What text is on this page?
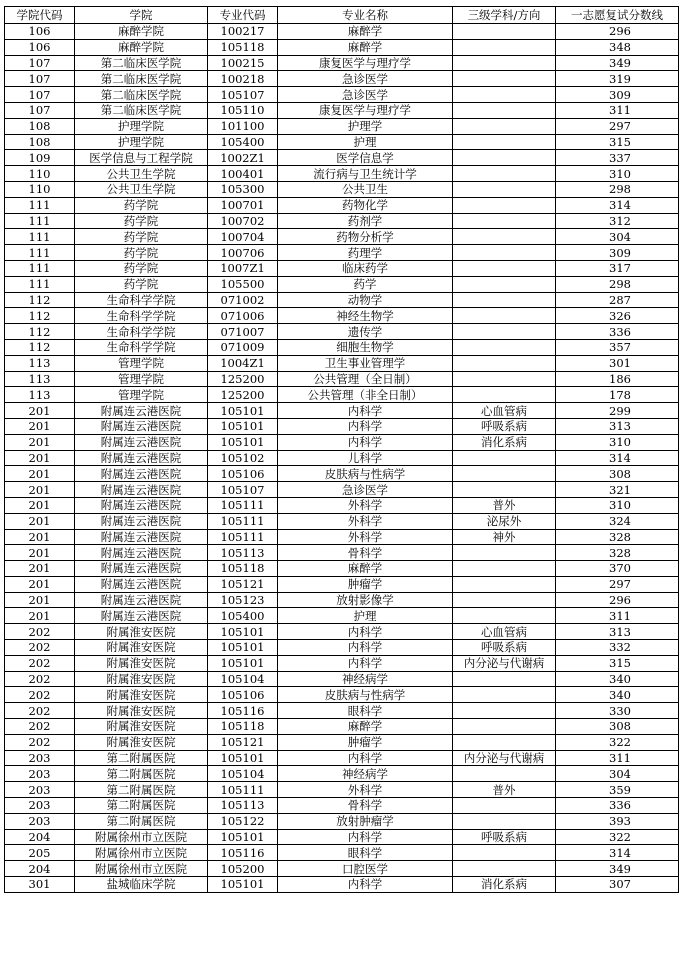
学院代码	学院	专业代码	专业名称	三级学科/方向	一志愿复试分数线
106	麻醉学院	100217	麻醉学		296
106	麻醉学院	105118	麻醉学		348
107	第二临床医学院	100215	康复医学与理疗学		349
107	第二临床医学院	100218	急诊医学		319
107	第二临床医学院	105107	急诊医学		309
107	第二临床医学院	105110	康复医学与理疗学		311
108	护理学院	101100	护理学		297
108	护理学院	105400	护理		315
109	医学信息与工程学院	1002Z1	医学信息学		337
110	公共卫生学院	100401	流行病与卫生统计学		310
110	公共卫生学院	105300	公共卫生		298
111	药学院	100701	药物化学		314
111	药学院	100702	药剂学		312
111	药学院	100704	药物分析学		304
111	药学院	100706	药理学		309
111	药学院	1007Z1	临床药学		317
111	药学院	105500	药学		298
112	生命科学学院	071002	动物学		287
112	生命科学学院	071006	神经生物学		326
112	生命科学学院	071007	遗传学		336
112	生命科学学院	071009	细胞生物学		357
113	管理学院	1004Z1	卫生事业管理学		301
113	管理学院	125200	公共管理（全日制）		186
113	管理学院	125200	公共管理（非全日制）		178
201	附属连云港医院	105101	内科学	心血管病	299
201	附属连云港医院	105101	内科学	呼吸系病	313
201	附属连云港医院	105101	内科学	消化系病	310
201	附属连云港医院	105102	儿科学		314
201	附属连云港医院	105106	皮肤病与性病学		308
201	附属连云港医院	105107	急诊医学		321
201	附属连云港医院	105111	外科学	普外	310
201	附属连云港医院	105111	外科学	泌尿外	324
201	附属连云港医院	105111	外科学	神外	328
201	附属连云港医院	105113	骨科学		328
201	附属连云港医院	105118	麻醉学		370
201	附属连云港医院	105121	肿瘤学		297
201	附属连云港医院	105123	放射影像学		296
201	附属连云港医院	105400	护理		311
202	附属淮安医院	105101	内科学	心血管病	313
202	附属淮安医院	105101	内科学	呼吸系病	332
202	附属淮安医院	105101	内科学	内分泌与代谢病	315
202	附属淮安医院	105104	神经病学		340
202	附属淮安医院	105106	皮肤病与性病学		340
202	附属淮安医院	105116	眼科学		330
202	附属淮安医院	105118	麻醉学		308
202	附属淮安医院	105121	肿瘤学		322
203	第二附属医院	105101	内科学	内分泌与代谢病	311
203	第二附属医院	105104	神经病学		304
203	第二附属医院	105111	外科学	普外	359
203	第二附属医院	105113	骨科学		336
203	第二附属医院	105122	放射肿瘤学		393
204	附属徐州市立医院	105101	内科学	呼吸系病	322
205	附属徐州市立医院	105116	眼科学		314
204	附属徐州市立医院	105200	口腔医学		349
301	盐城临床学院	105101	内科学	消化系病	307
